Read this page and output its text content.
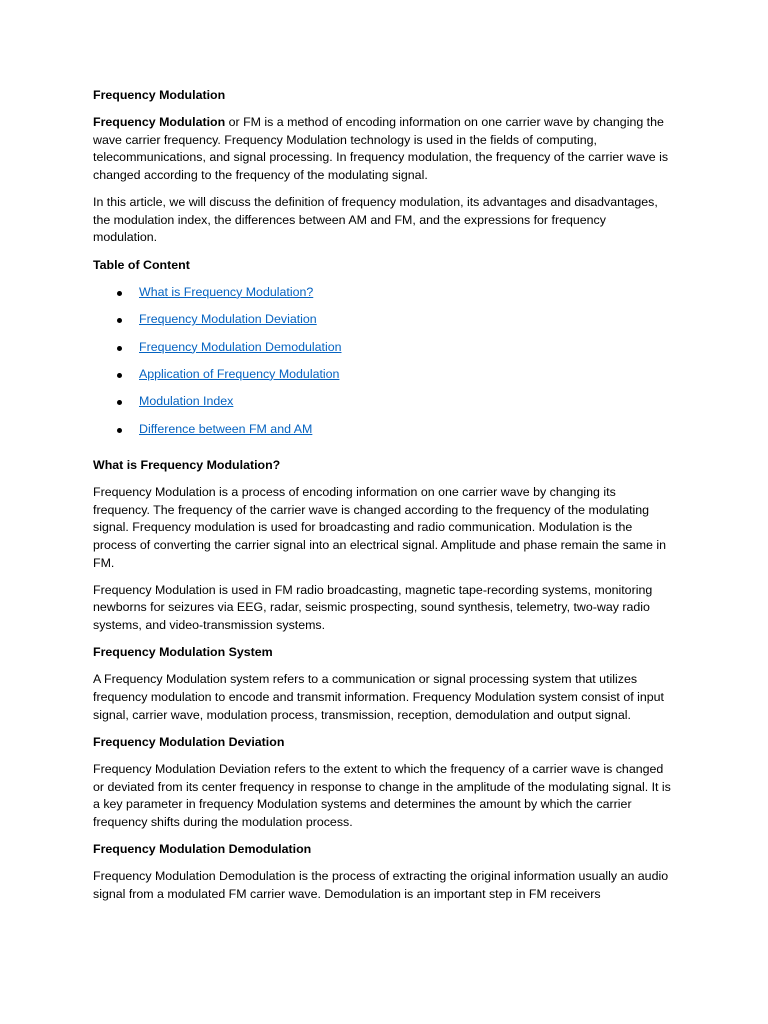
Frequency Modulation

Frequency Modulation or FM is a method of encoding information on one carrier wave by changing the wave carrier frequency. Frequency Modulation technology is used in the fields of computing, telecommunications, and signal processing. In frequency modulation, the frequency of the carrier wave is changed according to the frequency of the modulating signal.

In this article, we will discuss the definition of frequency modulation, its advantages and disadvantages, the modulation index, the differences between AM and FM, and the expressions for frequency modulation.

Table of Content

What is Frequency Modulation?
Frequency Modulation Deviation
Frequency Modulation Demodulation
Application of Frequency Modulation
Modulation Index
Difference between FM and AM

What is Frequency Modulation?

Frequency Modulation is a process of encoding information on one carrier wave by changing its frequency. The frequency of the carrier wave is changed according to the frequency of the modulating signal. Frequency modulation is used for broadcasting and radio communication. Modulation is the process of converting the carrier signal into an electrical signal. Amplitude and phase remain the same in FM.

Frequency Modulation is used in FM radio broadcasting, magnetic tape-recording systems, monitoring newborns for seizures via EEG, radar, seismic prospecting, sound synthesis, telemetry, two-way radio systems, and video-transmission systems.

Frequency Modulation System

A Frequency Modulation system refers to a communication or signal processing system that utilizes frequency modulation to encode and transmit information. Frequency Modulation system consist of input signal, carrier wave, modulation process, transmission, reception, demodulation and output signal.

Frequency Modulation Deviation

Frequency Modulation Deviation refers to the extent to which the frequency of a carrier wave is changed or deviated from its center frequency in response to change in the amplitude of the modulating signal. It is a key parameter in frequency Modulation systems and determines the amount by which the carrier frequency shifts during the modulation process.

Frequency Modulation Demodulation

Frequency Modulation Demodulation is the process of extracting the original information usually an audio signal from a modulated FM carrier wave. Demodulation is an important step in FM receivers
